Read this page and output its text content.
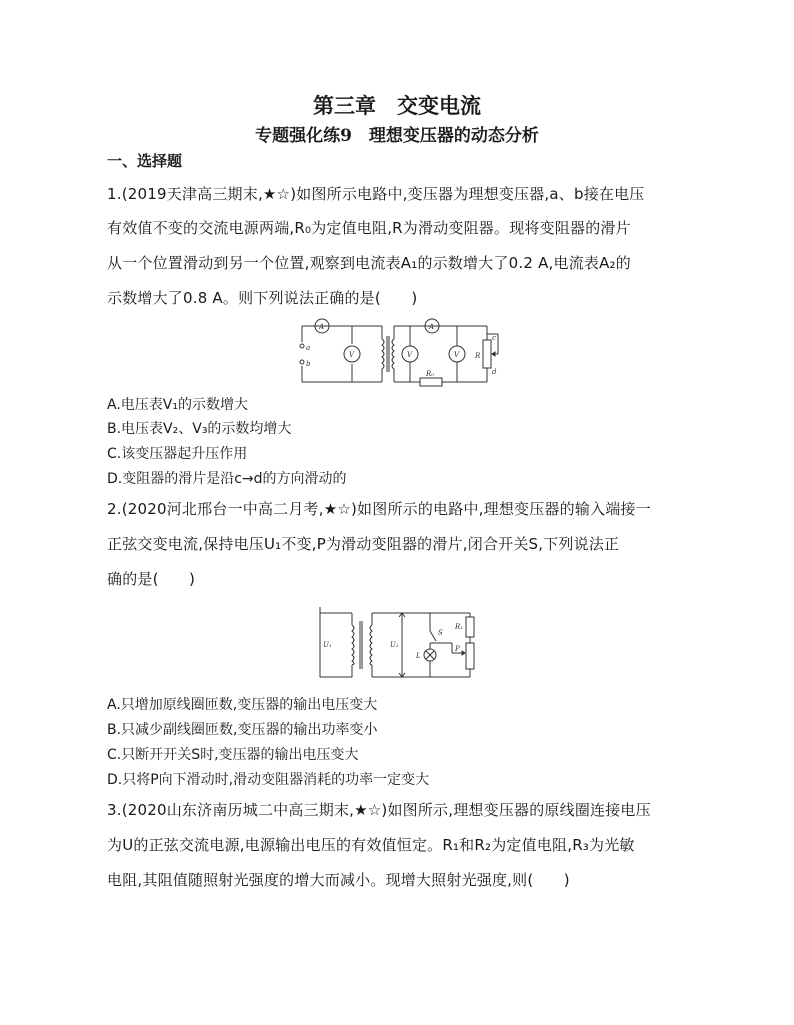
第三章　交变电流
专题强化练9　理想变压器的动态分析
一、选择题
1.(2019天津高三期末,★☆)如图所示电路中,变压器为理想变压器,a、b接在电压
有效值不变的交流电源两端,R₀为定值电阻,R为滑动变阻器。现将变阻器的滑片
从一个位置滑动到另一个位置,观察到电流表A₁的示数增大了0.2 A,电流表A₂的
示数增大了0.8 A。则下列说法正确的是(　　)
A	A
V	V	V
a
b
c
d
R
R₀
A.电压表V₁的示数增大
B.电压表V₂、V₃的示数均增大
C.该变压器起升压作用
D.变阻器的滑片是沿c→d的方向滑动的
2.(2020河北邢台一中高二月考,★☆)如图所示的电路中,理想变压器的输入端接一
正弦交变电流,保持电压U₁不变,P为滑动变阻器的滑片,闭合开关S,下列说法正
确的是(　　)
U₁	U₂
S
L
R₁
P
A.只增加原线圈匝数,变压器的输出电压变大
B.只减少副线圈匝数,变压器的输出功率变小
C.只断开开关S时,变压器的输出电压变大
D.只将P向下滑动时,滑动变阻器消耗的功率一定变大
3.(2020山东济南历城二中高三期末,★☆)如图所示,理想变压器的原线圈连接电压
为U的正弦交流电源,电源输出电压的有效值恒定。R₁和R₂为定值电阻,R₃为光敏
电阻,其阻值随照射光强度的增大而减小。现增大照射光强度,则(　　)
